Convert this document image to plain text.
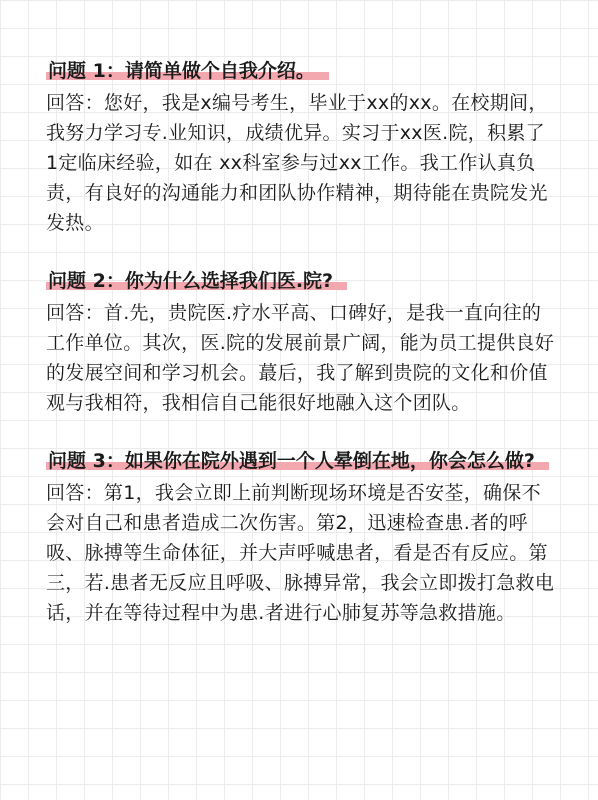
问题 1：请简单做个自我介绍。

回答：您好，我是x编号考生，毕业于xx的xx。在校期间，我努力学习专.业知识，成绩优异。实习于xx医.院，积累了1定临床经验，如在 xx科室参与过xx工作。我工作认真负责，有良好的沟通能力和团队协作精神，期待能在贵院发光发热。

问题 2：你为什么选择我们医.院?

回答：首.先，贵院医.疗水平高、口碑好，是我一直向往的工作单位。其次，医.院的发展前景广阔，能为员工提供良好的发展空间和学习机会。蕞后，我了解到贵院的文化和价值观与我相符，我相信自己能很好地融入这个团队。

问题 3：如果你在院外遇到一个人晕倒在地，你会怎么做?

回答：第1，我会立即上前判断现场环境是否安荃，确保不会对自己和患者造成二次伤害。第2，迅速检查患.者的呼吸、脉搏等生命体征，并大声呼喊患者，看是否有反应。第三，若.患者无反应且呼吸、脉搏异常，我会立即拨打急救电话，并在等待过程中为患.者进行心肺复苏等急救措施。
